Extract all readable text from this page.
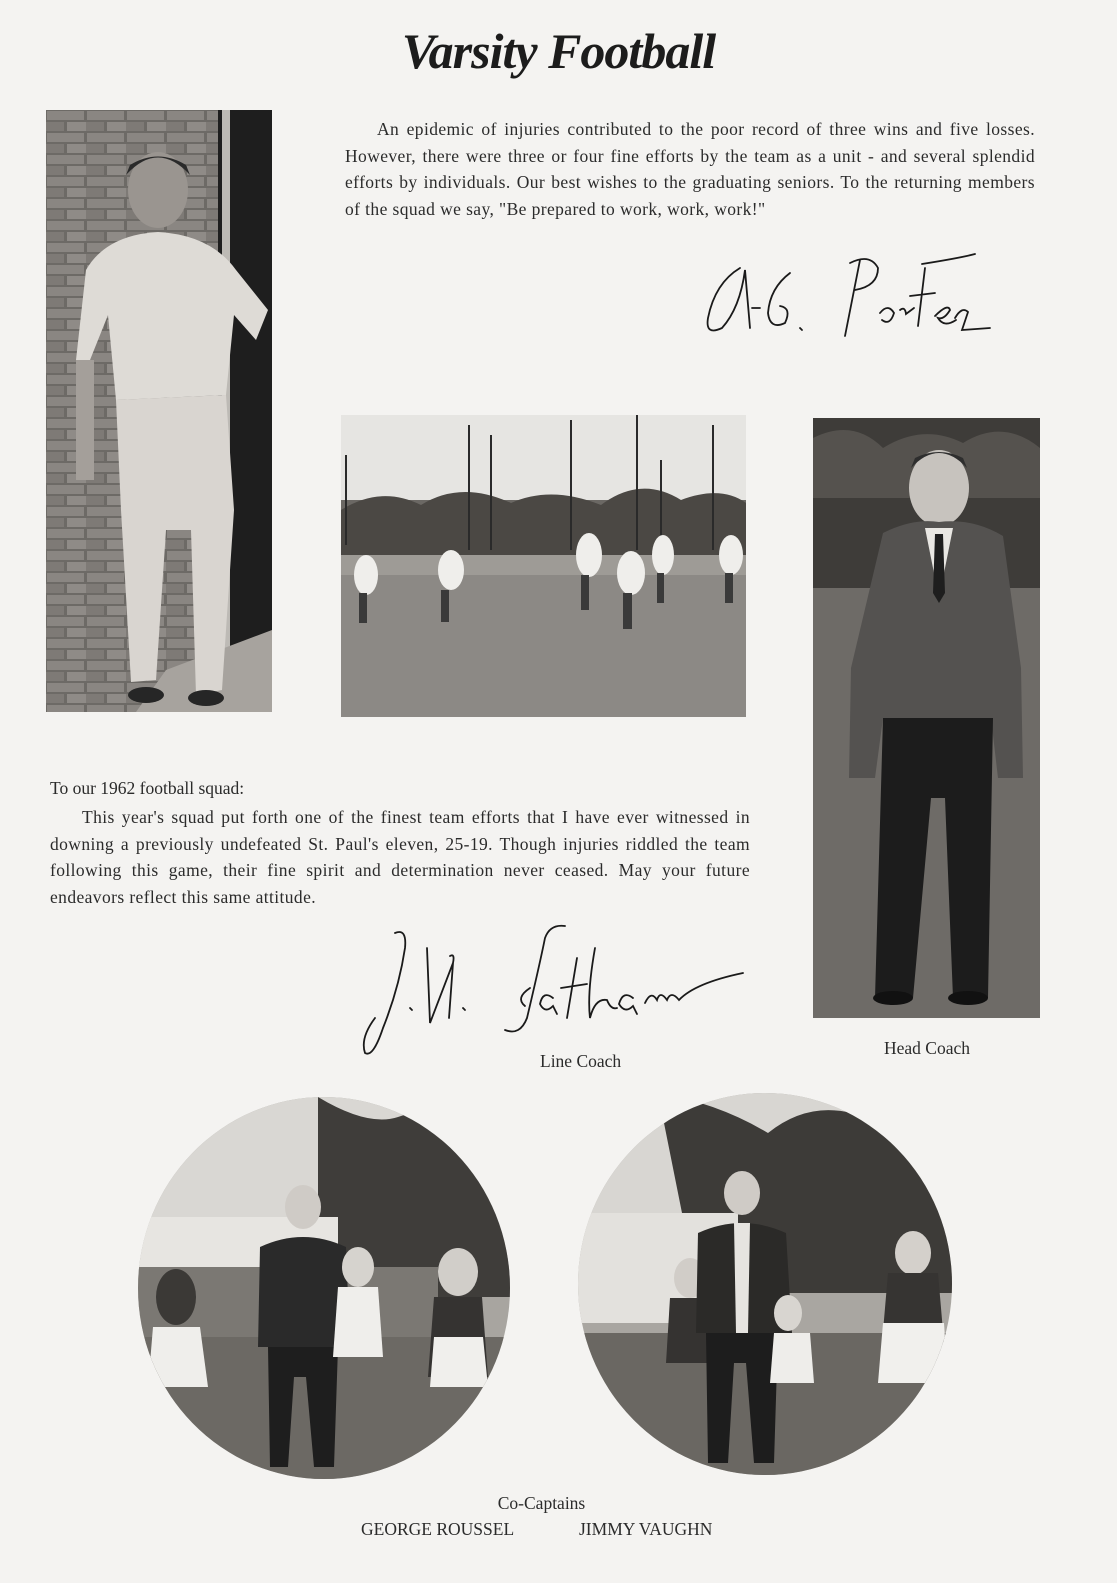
Varsity Football

An epidemic of injuries contributed to the poor record of three wins and five losses. However, there were three or four fine efforts by the team as a unit - and several splendid efforts by individuals. Our best wishes to the graduating seniors. To the returning members of the squad we say, "Be prepared to work, work, work!"

To our 1962 football squad:

This year's squad put forth one of the finest team efforts that I have ever witnessed in downing a previously undefeated St. Paul's eleven, 25-19. Though injuries riddled the team following this game, their fine spirit and determination never ceased. May your future endeavors reflect this same attitude.

Line Coach
Head Coach
Co-Captains
GEORGE ROUSSEL	JIMMY VAUGHN
